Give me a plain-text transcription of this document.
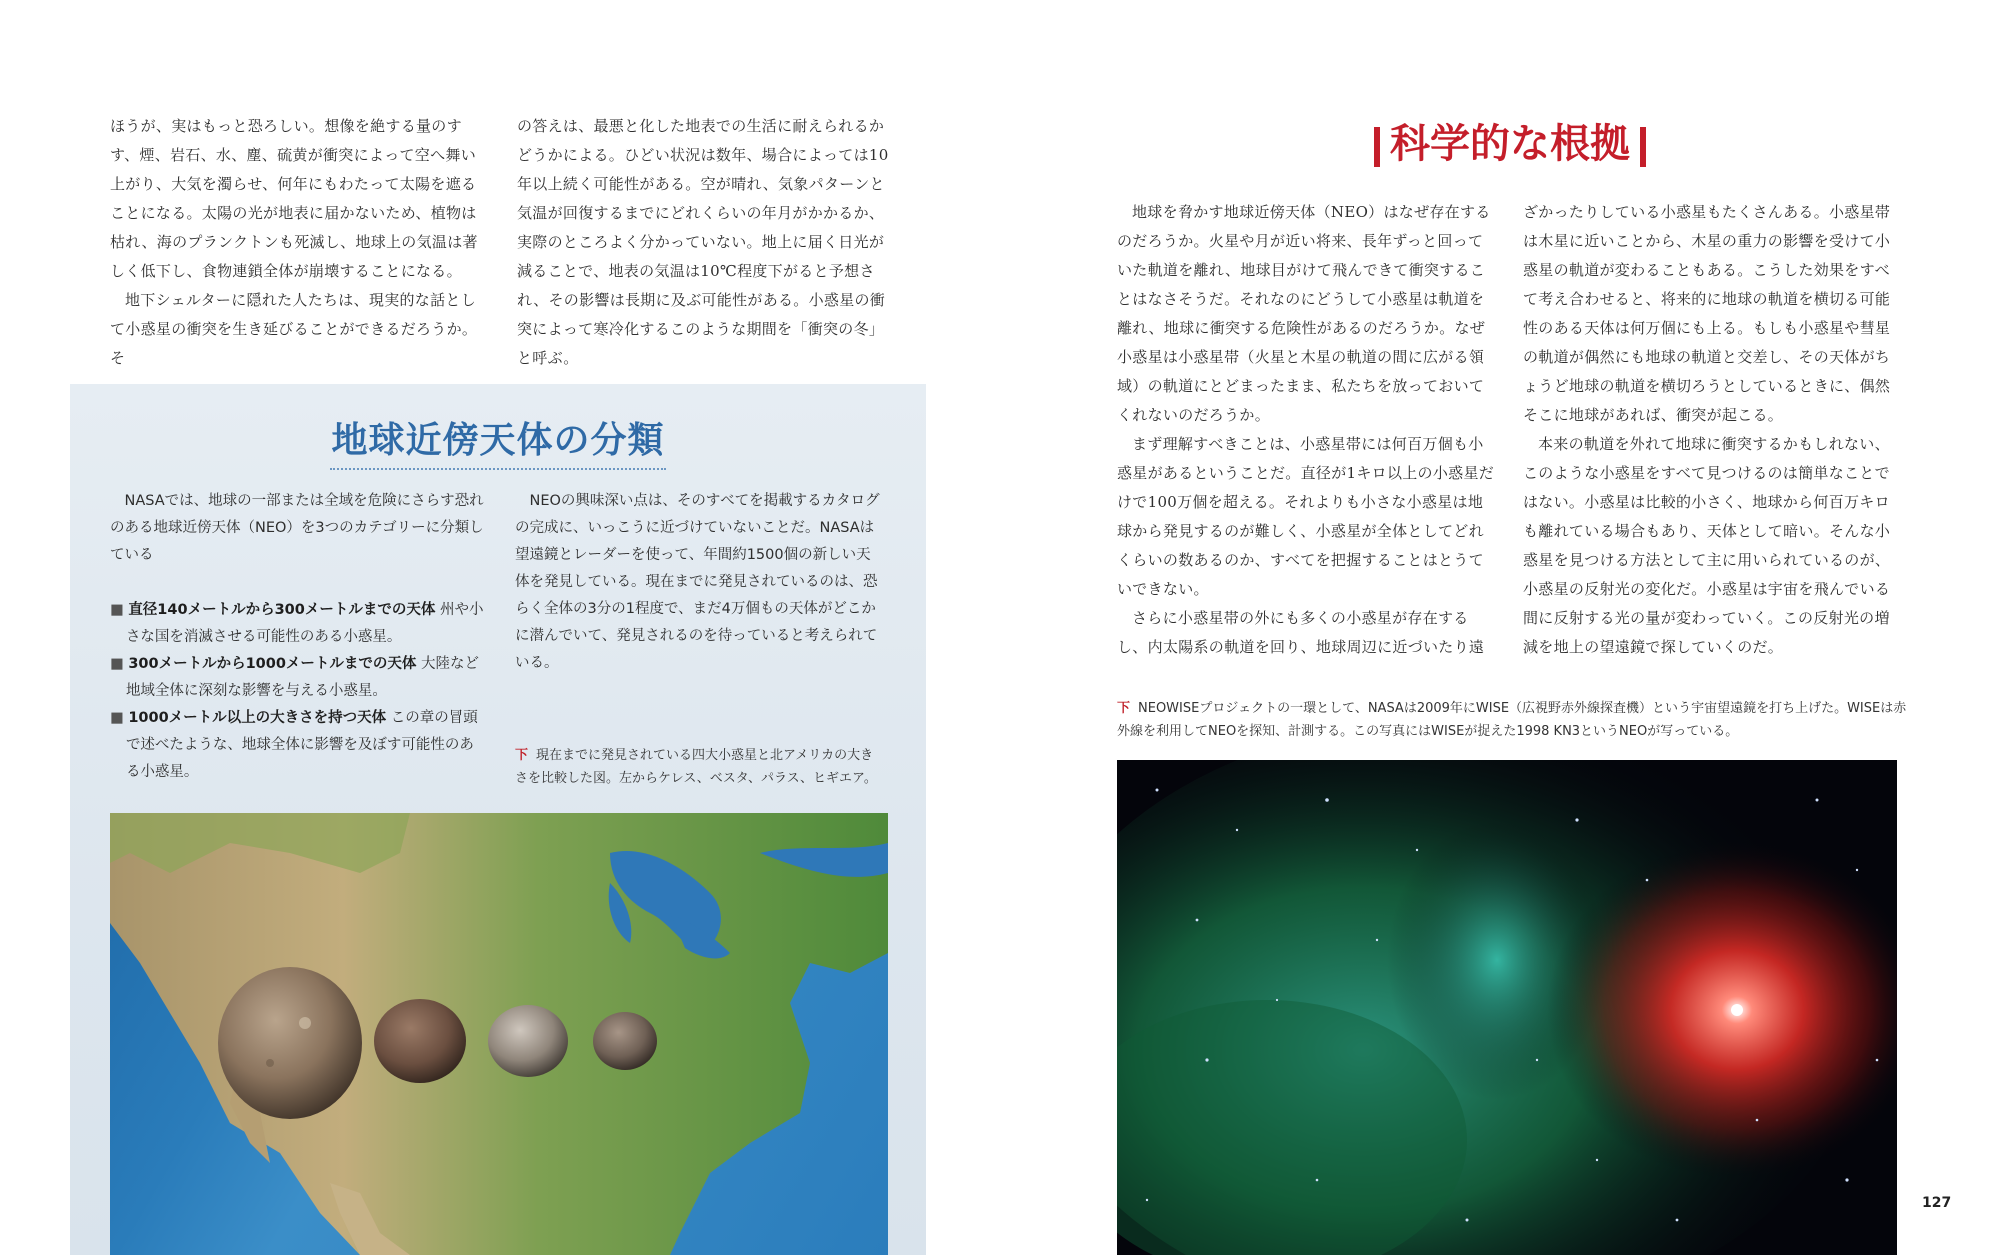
ほうが、実はもっと恐ろしい。想像を絶する量のすす、煙、岩石、水、塵、硫黄が衝突によって空へ舞い上がり、大気を濁らせ、何年にもわたって太陽を遮ることになる。太陽の光が地表に届かないため、植物は枯れ、海のプランクトンも死滅し、地球上の気温は著しく低下し、食物連鎖全体が崩壊することになる。

地下シェルターに隠れた人たちは、現実的な話として小惑星の衝突を生き延びることができるだろうか。そ

の答えは、最悪と化した地表での生活に耐えられるかどうかによる。ひどい状況は数年、場合によっては10年以上続く可能性がある。空が晴れ、気象パターンと気温が回復するまでにどれくらいの年月がかかるか、実際のところよく分かっていない。地上に届く日光が減ることで、地表の気温は10℃程度下がると予想され、その影響は長期に及ぶ可能性がある。小惑星の衝突によって寒冷化するこのような期間を「衝突の冬」と呼ぶ。

地球近傍天体の分類

NASAでは、地球の一部または全域を危険にさらす恐れのある地球近傍天体（NEO）を3つのカテゴリーに分類している

■ 直径140メートルから300メートルまでの天体 州や小さな国を消滅させる可能性のある小惑星。

■ 300メートルから1000メートルまでの天体 大陸など地域全体に深刻な影響を与える小惑星。

■ 1000メートル以上の大きさを持つ天体 この章の冒頭で述べたような、地球全体に影響を及ぼす可能性のある小惑星。

NEOの興味深い点は、そのすべてを掲載するカタログの完成に、いっこうに近づけていないことだ。NASAは望遠鏡とレーダーを使って、年間約1500個の新しい天体を発見している。現在までに発見されているのは、恐らく全体の3分の1程度で、まだ4万個もの天体がどこかに潜んでいて、発見されるのを待っていると考えられている。

下 現在までに発見されている四大小惑星と北アメリカの大きさを比較した図。左からケレス、ベスタ、パラス、ヒギエア。
科学的な根拠

地球を脅かす地球近傍天体（NEO）はなぜ存在するのだろうか。火星や月が近い将来、長年ずっと回っていた軌道を離れ、地球目がけて飛んできて衝突することはなさそうだ。それなのにどうして小惑星は軌道を離れ、地球に衝突する危険性があるのだろうか。なぜ小惑星は小惑星帯（火星と木星の軌道の間に広がる領域）の軌道にとどまったまま、私たちを放っておいてくれないのだろうか。

まず理解すべきことは、小惑星帯には何百万個も小惑星があるということだ。直径が1キロ以上の小惑星だけで100万個を超える。それよりも小さな小惑星は地球から発見するのが難しく、小惑星が全体としてどれくらいの数あるのか、すべてを把握することはとうていできない。

さらに小惑星帯の外にも多くの小惑星が存在するし、内太陽系の軌道を回り、地球周辺に近づいたり遠

ざかったりしている小惑星もたくさんある。小惑星帯は木星に近いことから、木星の重力の影響を受けて小惑星の軌道が変わることもある。こうした効果をすべて考え合わせると、将来的に地球の軌道を横切る可能性のある天体は何万個にも上る。もしも小惑星や彗星の軌道が偶然にも地球の軌道と交差し、その天体がちょうど地球の軌道を横切ろうとしているときに、偶然そこに地球があれば、衝突が起こる。

本来の軌道を外れて地球に衝突するかもしれない、このような小惑星をすべて見つけるのは簡単なことではない。小惑星は比較的小さく、地球から何百万キロも離れている場合もあり、天体として暗い。そんな小惑星を見つける方法として主に用いられているのが、小惑星の反射光の変化だ。小惑星は宇宙を飛んでいる間に反射する光の量が変わっていく。この反射光の増減を地上の望遠鏡で探していくのだ。

下 NEOWISEプロジェクトの一環として、NASAは2009年にWISE（広視野赤外線探査機）という宇宙望遠鏡を打ち上げた。WISEは赤外線を利用してNEOを探知、計測する。この写真にはWISEが捉えた1998 KN3というNEOが写っている。
127
